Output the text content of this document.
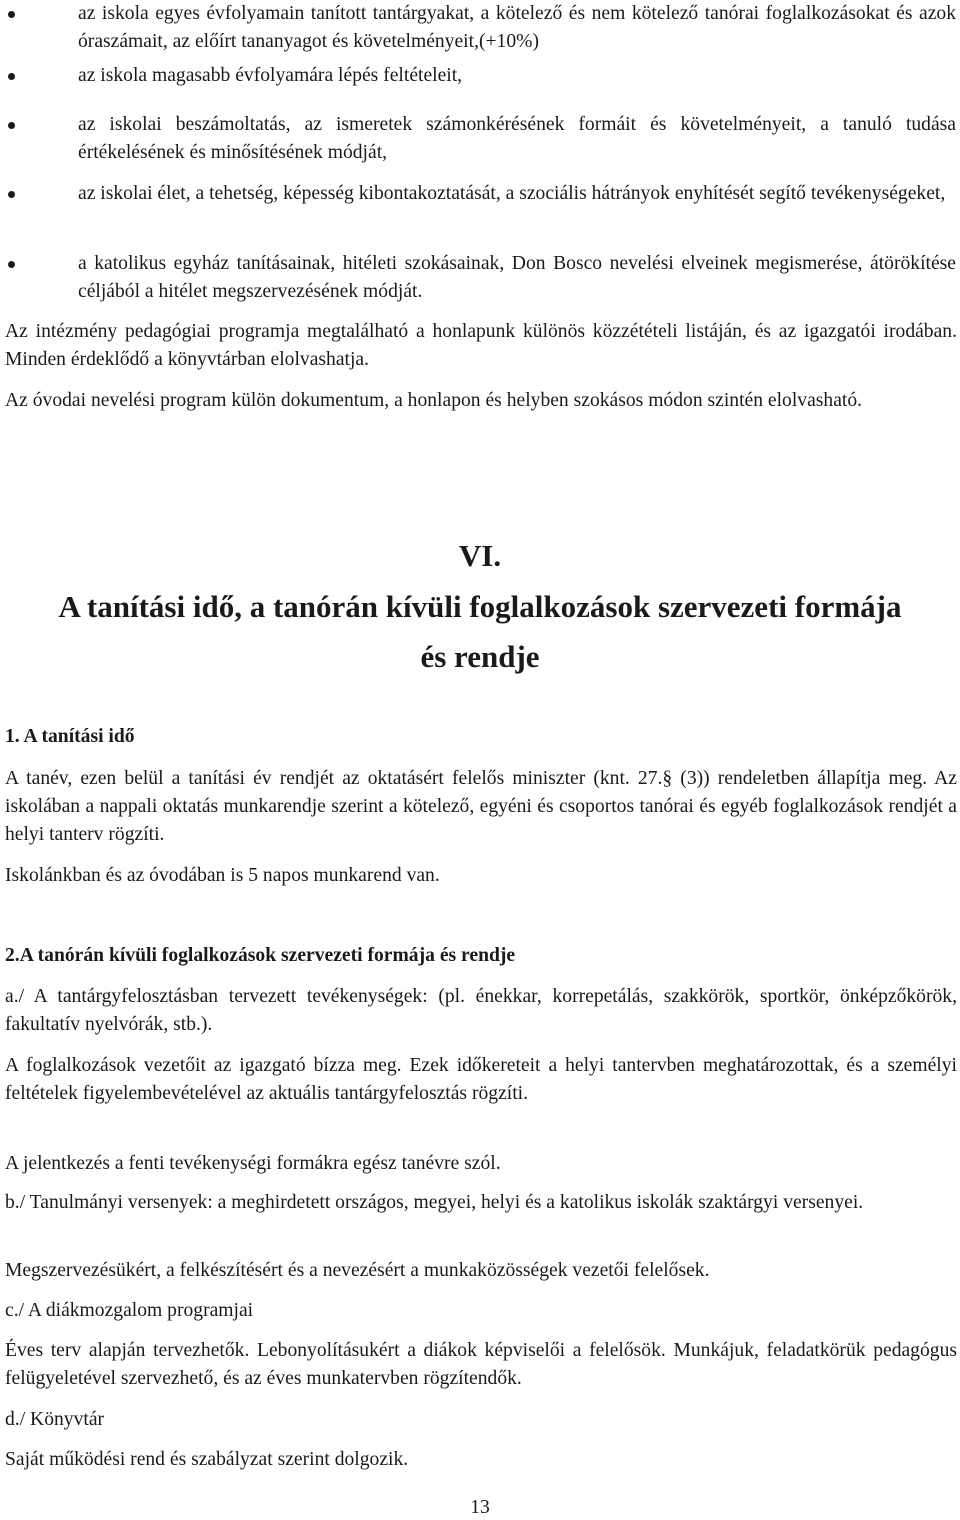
az iskola egyes évfolyamain tanított tantárgyakat, a kötelező és nem kötelező tanórai foglalkozásokat és azok óraszámait, az előírt tananyagot és követelményeit,(+10%)
az iskola magasabb évfolyamára lépés feltételeit,
az iskolai beszámoltatás, az ismeretek számonkérésének formáit és követelményeit, a tanuló tudása értékelésének és minősítésének módját,
az iskolai élet, a tehetség, képesség kibontakoztatását, a szociális hátrányok enyhítését segítő tevékenységeket,
a katolikus egyház tanításainak, hitéleti szokásainak, Don Bosco nevelési elveinek megismerése, átörökítése céljából a hitélet megszervezésének módját.

Az intézmény pedagógiai programja megtalálható a honlapunk különös közzétételi listáján, és az igazgatói irodában. Minden érdeklődő a könyvtárban elolvashatja.

Az óvodai nevelési program külön dokumentum, a honlapon és helyben szokásos módon szintén elolvasható.

VI.
A tanítási idő, a tanórán kívüli foglalkozások szervezeti formája
és rendje
1. A tanítási idő

A tanév, ezen belül a tanítási év rendjét az oktatásért felelős miniszter (knt. 27.§ (3)) rendeletben állapítja meg. Az iskolában a nappali oktatás munkarendje szerint a kötelező, egyéni és csoportos tanórai és egyéb foglalkozások rendjét a helyi tanterv rögzíti.

Iskolánkban és az óvodában is 5 napos munkarend van.

2.A tanórán kívüli foglalkozások szervezeti formája és rendje

a./ A tantárgyfelosztásban tervezett tevékenységek: (pl. énekkar, korrepetálás, szakkörök, sportkör, önképzőkörök, fakultatív nyelvórák, stb.).

A foglalkozások vezetőit az igazgató bízza meg. Ezek időkereteit a helyi tantervben meghatározottak, és a személyi feltételek figyelembevételével az aktuális tantárgyfelosztás rögzíti.

A jelentkezés a fenti tevékenységi formákra egész tanévre szól.

b./ Tanulmányi versenyek: a meghirdetett országos, megyei, helyi és a katolikus iskolák szaktárgyi versenyei.

Megszervezésükért, a felkészítésért és a nevezésért a munkaközösségek vezetői felelősek.

c./ A diákmozgalom programjai

Éves terv alapján tervezhetők. Lebonyolításukért a diákok képviselői a felelősök. Munkájuk, feladatkörük pedagógus felügyeletével szervezhető, és az éves munkatervben rögzítendők.

d./ Könyvtár

Saját működési rend és szabályzat szerint dolgozik.

13
